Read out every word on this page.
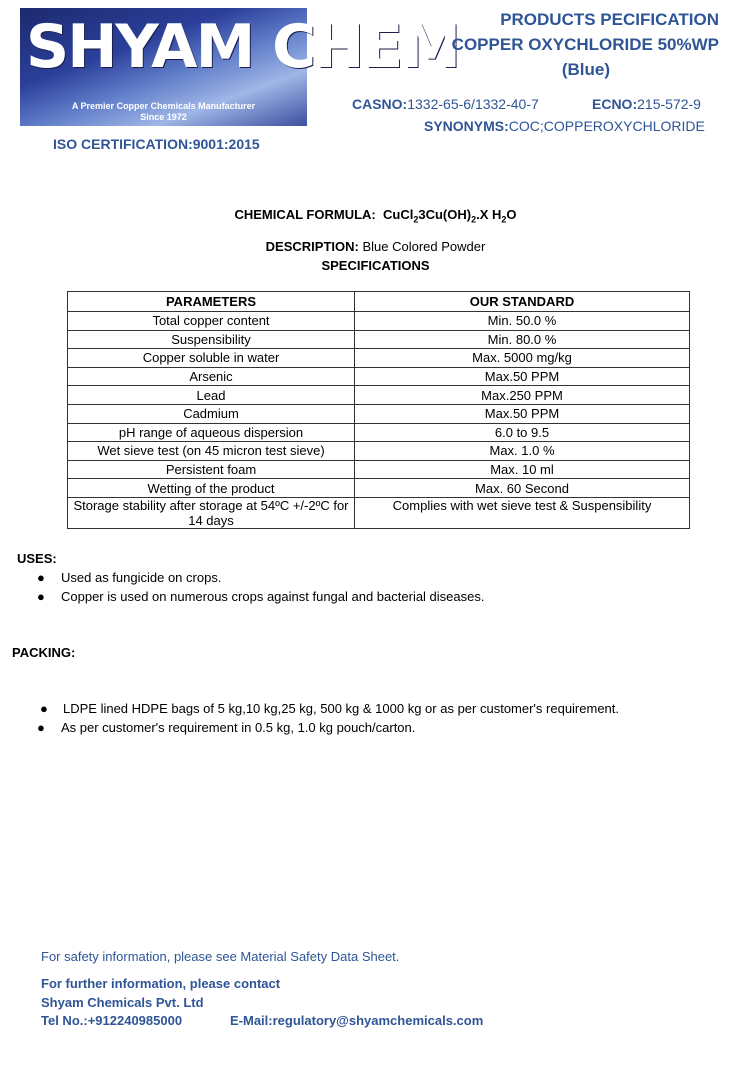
SHYAM CHEM
A Premier Copper Chemicals Manufacturer
Since 1972
ISO CERTIFICATION:9001:2015
PRODUCTS PECIFICATION
COPPER OXYCHLORIDE 50%WP
(Blue)
CASNO:1332-65-6/1332-40-7	ECNO:215-572-9
SYNONYMS:COC;COPPEROXYCHLORIDE
CHEMICAL FORMULA: $CuCl_23Cu(OH)_2.X$ $H_2O$
DESCRIPTION: Blue Colored Powder
SPECIFICATIONS
PARAMETERS	OUR STANDARD
Total copper content	Min. 50.0 %
Suspensibility	Min. 80.0 %
Copper soluble in water	Max. 5000 mg/kg
Arsenic	Max.50 PPM
Lead	Max.250 PPM
Cadmium	Max.50 PPM
pH range of aqueous dispersion	6.0 to 9.5
Wet sieve test (on 45 micron test sieve)	Max. 1.0 %
Persistent foam	Max. 10 ml
Wetting of the product	Max. 60 Second
Storage stability after storage at 54ºC +/-2ºC for 14 days	Complies with wet sieve test & Suspensibility
USES:
● Used as fungicide on crops.
● Copper is used on numerous crops against fungal and bacterial diseases.
PACKING:
● LDPE lined HDPE bags of 5 kg,10 kg,25 kg, 500 kg & 1000 kg or as per customer's requirement.
● As per customer's requirement in 0.5 kg, 1.0 kg pouch/carton.
For safety information, please see Material Safety Data Sheet.
For further information, please contact
Shyam Chemicals Pvt. Ltd
Tel No.:+912240985000	E-Mail:regulatory@shyamchemicals.com
